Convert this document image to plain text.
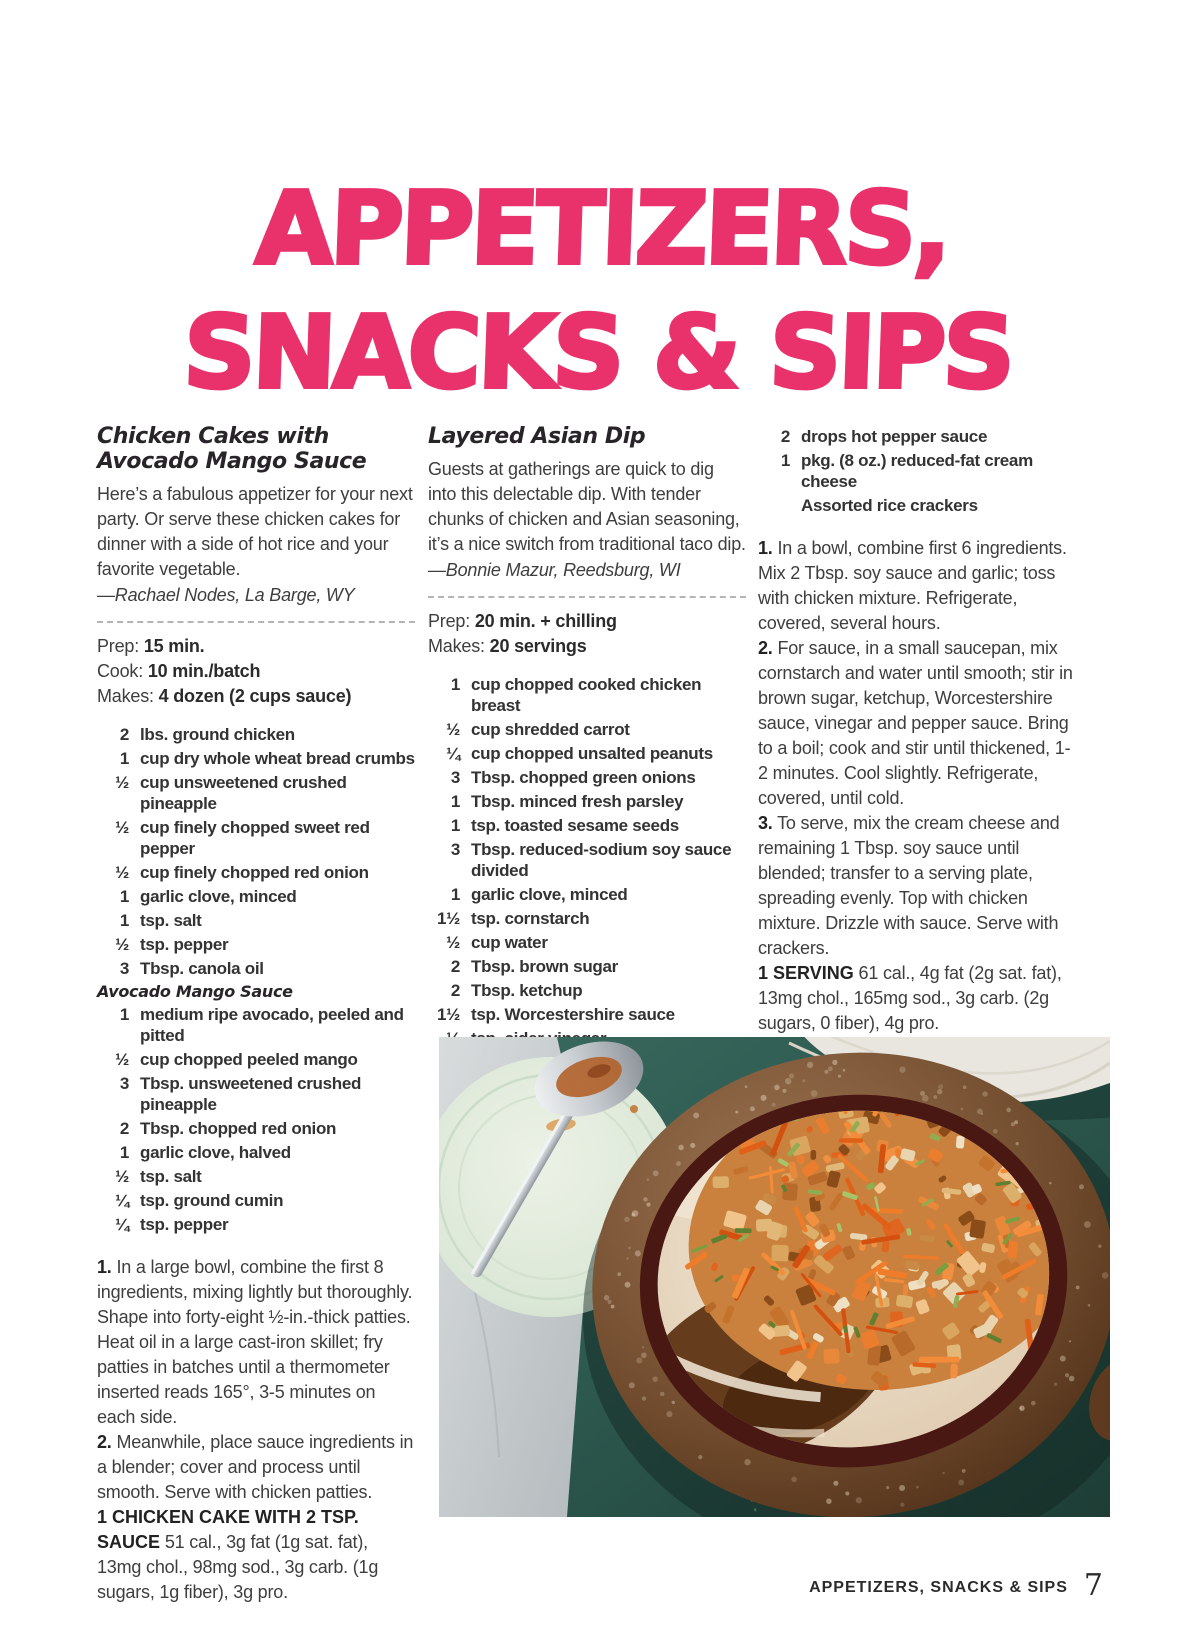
APPETIZERS,
SNACKS & SIPS
Chicken Cakes with
Avocado Mango Sauce

Here’s a fabulous appetizer for your next party. Or serve these chicken cakes for dinner with a side of hot rice and your favorite vegetable.

—Rachael Nodes, La Barge, WY

Prep: 15 min.

Cook: 10 min./batch

Makes: 4 dozen (2 cups sauce)

2 lbs. ground chicken
1 cup dry whole wheat bread crumbs
½ cup unsweetened crushed pineapple
½ cup finely chopped sweet red pepper
½ cup finely chopped red onion
1 garlic clove, minced
1 tsp. salt
½ tsp. pepper
3 Tbsp. canola oil

Avocado Mango Sauce

1 medium ripe avocado, peeled and pitted
½ cup chopped peeled mango
3 Tbsp. unsweetened crushed pineapple
2 Tbsp. chopped red onion
1 garlic clove, halved
½ tsp. salt
¼ tsp. ground cumin
¼ tsp. pepper

1. In a large bowl, combine the first 8 ingredients, mixing lightly but thoroughly. Shape into forty-eight ½-in.-thick patties. Heat oil in a large cast-iron skillet; fry patties in batches until a thermometer inserted reads 165°, 3-5 minutes on each side.

2. Meanwhile, place sauce ingredients in a blender; cover and process until smooth. Serve with chicken patties.

1 CHICKEN CAKE WITH 2 TSP. SAUCE 51 cal., 3g fat (1g sat. fat), 13mg chol., 98mg sod., 3g carb. (1g sugars, 1g fiber), 3g pro.

Layered Asian Dip

Guests at gatherings are quick to dig into this delectable dip. With tender chunks of chicken and Asian seasoning, it’s a nice switch from traditional taco dip.

—Bonnie Mazur, Reedsburg, WI

Prep: 20 min. + chilling

Makes: 20 servings

1 cup chopped cooked chicken breast
½ cup shredded carrot
¼ cup chopped unsalted peanuts
3 Tbsp. chopped green onions
1 Tbsp. minced fresh parsley
1 tsp. toasted sesame seeds
3 Tbsp. reduced-sodium soy sauce divided
1 garlic clove, minced
1½ tsp. cornstarch
½ cup water
2 Tbsp. brown sugar
2 Tbsp. ketchup
1½ tsp. Worcestershire sauce
2 drops hot pepper sauce
1 pkg. (8 oz.) reduced-fat cream cheese
Assorted rice crackers

1. In a bowl, combine first 6 ingredients. Mix 2 Tbsp. soy sauce and garlic; toss with chicken mixture. Refrigerate, covered, several hours.

2. For sauce, in a small saucepan, mix cornstarch and water until smooth; stir in brown sugar, ketchup, Worcestershire sauce, vinegar and pepper sauce. Bring to a boil; cook and stir until thickened, 1-2 minutes. Cool slightly. Refrigerate, covered, until cold.

3. To serve, mix the cream cheese and remaining 1 Tbsp. soy sauce until blended; transfer to a serving plate, spreading evenly. Top with chicken mixture. Drizzle with sauce. Serve with crackers.

1 SERVING 61 cal., 4g fat (2g sat. fat), 13mg chol., 165mg sod., 3g carb. (2g sugars, 0 fiber), 4g pro.

APPETIZERS, SNACKS & SIPS 7
